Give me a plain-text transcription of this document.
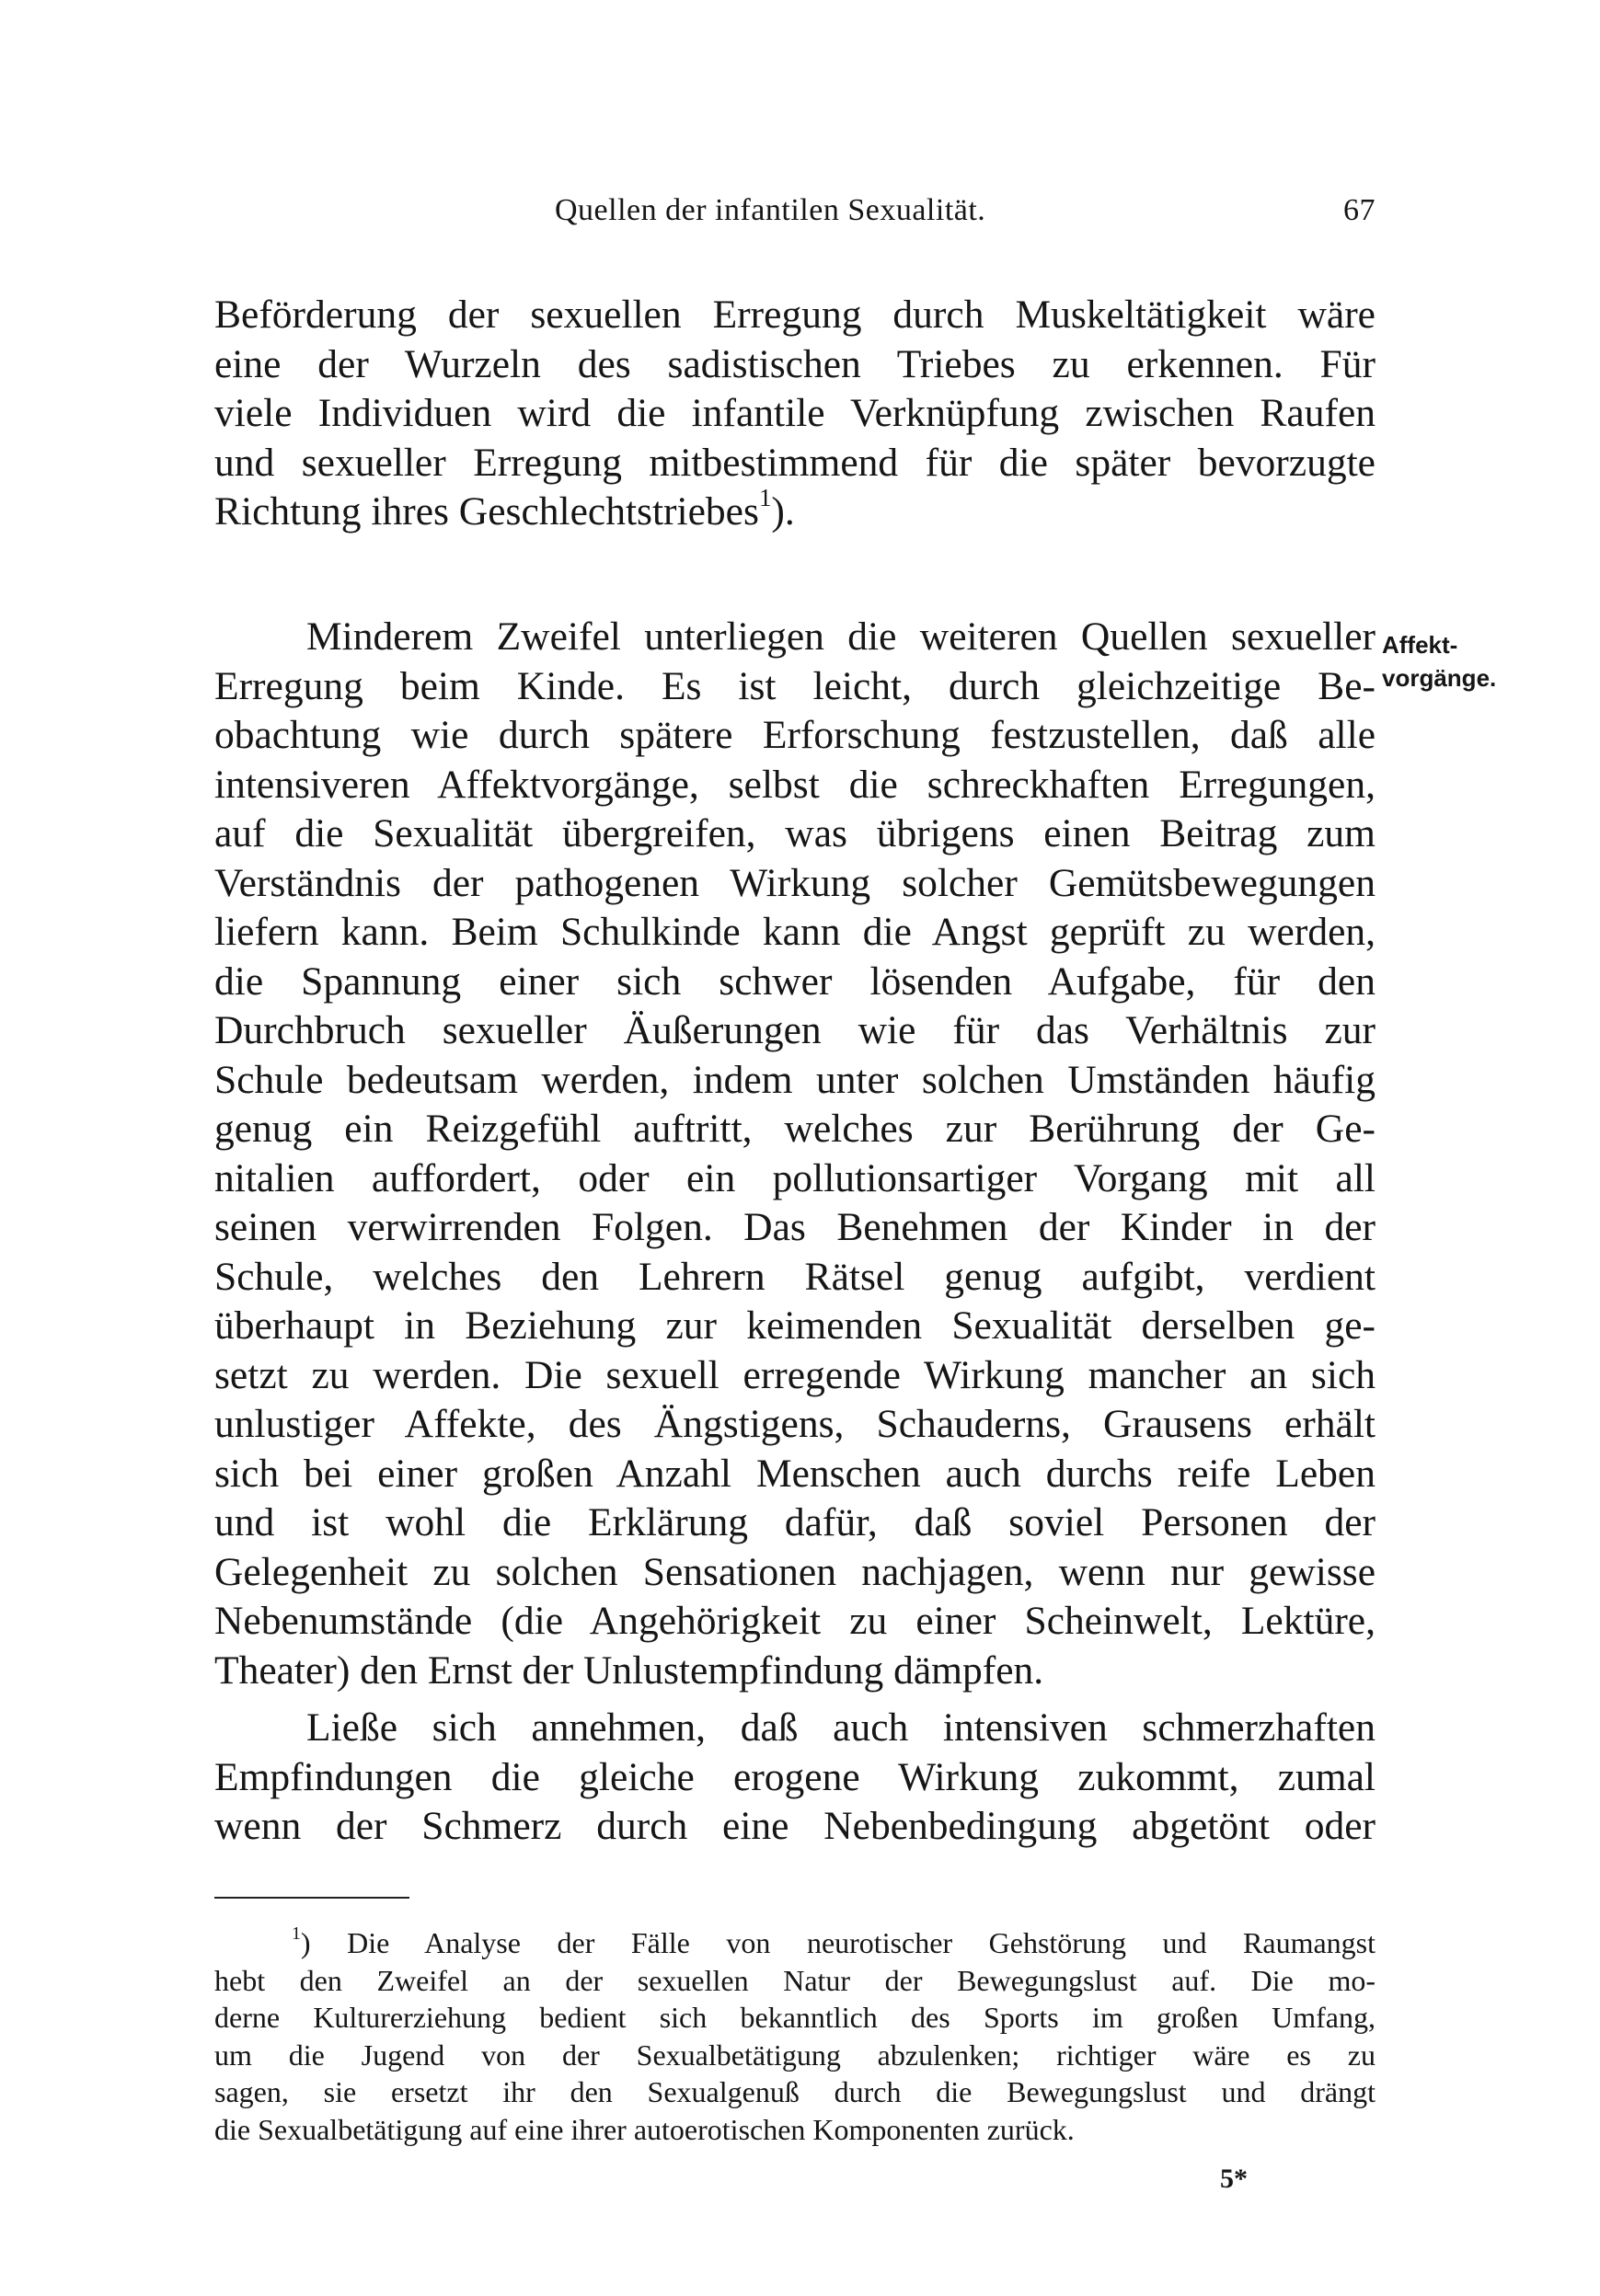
Quellen der infantilen Sexualität.	67
Beförderung der sexuellen Erregung durch Muskeltätigkeit wäre
eine der Wurzeln des sadistischen Triebes zu erkennen. Für
viele Individuen wird die infantile Verknüpfung zwischen Raufen
und sexueller Erregung mitbestimmend für die später bevorzugte
Richtung ihres Geschlechtstriebes$^1$).
Affekt-
vorgänge.
Minderem Zweifel unterliegen die weiteren Quellen sexueller
Erregung beim Kinde. Es ist leicht, durch gleichzeitige Be-
obachtung wie durch spätere Erforschung festzustellen, daß alle
intensiveren Affektvorgänge, selbst die schreckhaften Erregungen,
auf die Sexualität übergreifen, was übrigens einen Beitrag zum
Verständnis der pathogenen Wirkung solcher Gemütsbewegungen
liefern kann. Beim Schulkinde kann die Angst geprüft zu werden,
die Spannung einer sich schwer lösenden Aufgabe, für den
Durchbruch sexueller Äußerungen wie für das Verhältnis zur
Schule bedeutsam werden, indem unter solchen Umständen häufig
genug ein Reizgefühl auftritt, welches zur Berührung der Ge-
nitalien auffordert, oder ein pollutionsartiger Vorgang mit all
seinen verwirrenden Folgen. Das Benehmen der Kinder in der
Schule, welches den Lehrern Rätsel genug aufgibt, verdient
überhaupt in Beziehung zur keimenden Sexualität derselben ge-
setzt zu werden. Die sexuell erregende Wirkung mancher an sich
unlustiger Affekte, des Ängstigens, Schauderns, Grausens erhält
sich bei einer großen Anzahl Menschen auch durchs reife Leben
und ist wohl die Erklärung dafür, daß soviel Personen der
Gelegenheit zu solchen Sensationen nachjagen, wenn nur gewisse
Nebenumstände (die Angehörigkeit zu einer Scheinwelt, Lektüre,
Theater) den Ernst der Unlustempfindung dämpfen.
Ließe sich annehmen, daß auch intensiven schmerzhaften
Empfindungen die gleiche erogene Wirkung zukommt, zumal
wenn der Schmerz durch eine Nebenbedingung abgetönt oder
$^1$) Die Analyse der Fälle von neurotischer Gehstörung und Raumangst
hebt den Zweifel an der sexuellen Natur der Bewegungslust auf. Die mo-
derne Kulturerziehung bedient sich bekanntlich des Sports im großen Umfang,
um die Jugend von der Sexualbetätigung abzulenken; richtiger wäre es zu
sagen, sie ersetzt ihr den Sexualgenuß durch die Bewegungslust und drängt
die Sexualbetätigung auf eine ihrer autoerotischen Komponenten zurück.
5*
